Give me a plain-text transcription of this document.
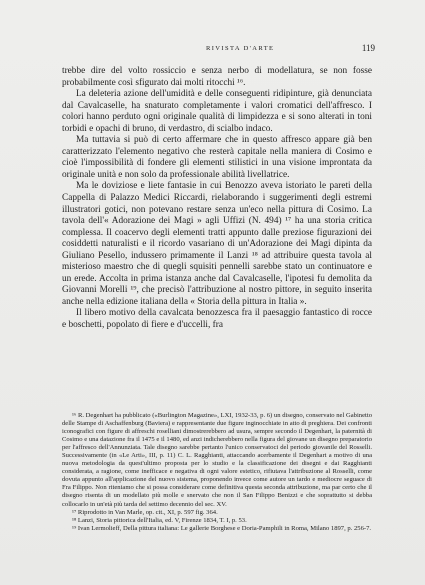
RIVISTA D'ARTE	119

trebbe dire del volto rossiccio e senza nerbo di modellatura, se non fosse probabilmente così sfigurato dai molti ritocchi ¹⁶.

La deleteria azione dell'umidità e delle conseguenti ridipinture, già denunciata dal Cavalcaselle, ha snaturato completamente i valori cromatici dell'affresco. I colori hanno perduto ogni originale qualità di limpidezza e si sono alterati in toni torbidi e opachi di bruno, di verdastro, di scialbo indaco.

Ma tuttavia si può di certo affermare che in questo affresco appare già ben caratterizzato l'elemento negativo che resterà capitale nella maniera di Cosimo e cioè l'impossibilità di fondere gli elementi stilistici in una visione improntata da originale unità e non solo da professionale abilità livellatrice.

Ma le doviziose e liete fantasie in cui Benozzo aveva istoriato le pareti della Cappella di Palazzo Medici Riccardi, rielaborando i suggerimenti degli estremi illustratori gotici, non potevano restare senza un'eco nella pittura di Cosimo. La tavola dell'« Adorazione dei Magi » agli Uffizi (N. 494) ¹⁷ ha una storia critica complessa. Il coacervo degli elementi tratti appunto dalle preziose figurazioni dei cosiddetti naturalisti e il ricordo vasariano di un'Adorazione dei Magi dipinta da Giuliano Pesello, indussero primamente il Lanzi ¹⁸ ad attribuire questa tavola al misterioso maestro che di quegli squisiti pennelli sarebbe stato un continuatore e un erede. Accolta in prima istanza anche dal Cavalcaselle, l'ipotesi fu demolita da Giovanni Morelli ¹⁹, che precisò l'attribuzione al nostro pittore, in seguito inserita anche nella edizione italiana della « Storia della pittura in Italia ».

Il libero motivo della cavalcata benozzesca fra il paesaggio fantastico di rocce e boschetti, popolato di fiere e d'uccelli, fra

¹⁶ R. Degenhart ha pubblicato («Burlington Magazine», LXI, 1932-33, p. 6) un disegno, conservato nel Gabinetto delle Stampe di Aschaffenburg (Baviera) e rappresentante due figure inginocchiate in atto di preghiera. Dei confronti iconografici con figure di affreschi roselliani dimostrerebbero ad usura, sempre secondo il Degenhart, la paternità di Cosimo e una datazione fra il 1475 e il 1480, ed anzi indicherebbero nella figura del giovane un disegno preparatorio per l'affresco dell'Annunziata. Tale disegno sarebbe pertanto l'unico conservatoci del periodo giovanile del Rosselli. Successivamente (in «Le Arti», III, p. 11) C. L. Ragghianti, attaccando acerbamente il Degenhart a motivo di una nuova metodologia da quest'ultimo proposta per lo studio e la classificazione dei disegni e dai Ragghianti considerata, a ragione, come inefficace e negativa di ogni valore estetico, rifiutava l'attribuzione al Rosselli, come dovuta appunto all'applicazione del nuovo sistema, proponendo invece come autore un tardo e mediocre seguace di Fra Filippo. Non riteniamo che si possa considerare come definitiva questa seconda attribuzione, ma par certo che il disegno risenta di un modellato più molle e snervato che non il San Filippo Benizzi e che soprattutto si debba collocarlo in un'età più tarda del settimo decennio del sec. XV.

¹⁷ Riprodotto in Van Marle, op. cit., XI, p. 597 fig. 364.

¹⁸ Lanzi, Storia pittorica dell'Italia, ed. V, Firenze 1834, T. I, p. 53.

¹⁹ Ivan Lermolieff, Della pittura italiana: Le gallerie Borghese e Doria-Pamphili in Roma, Milano 1897, p. 256-7.
